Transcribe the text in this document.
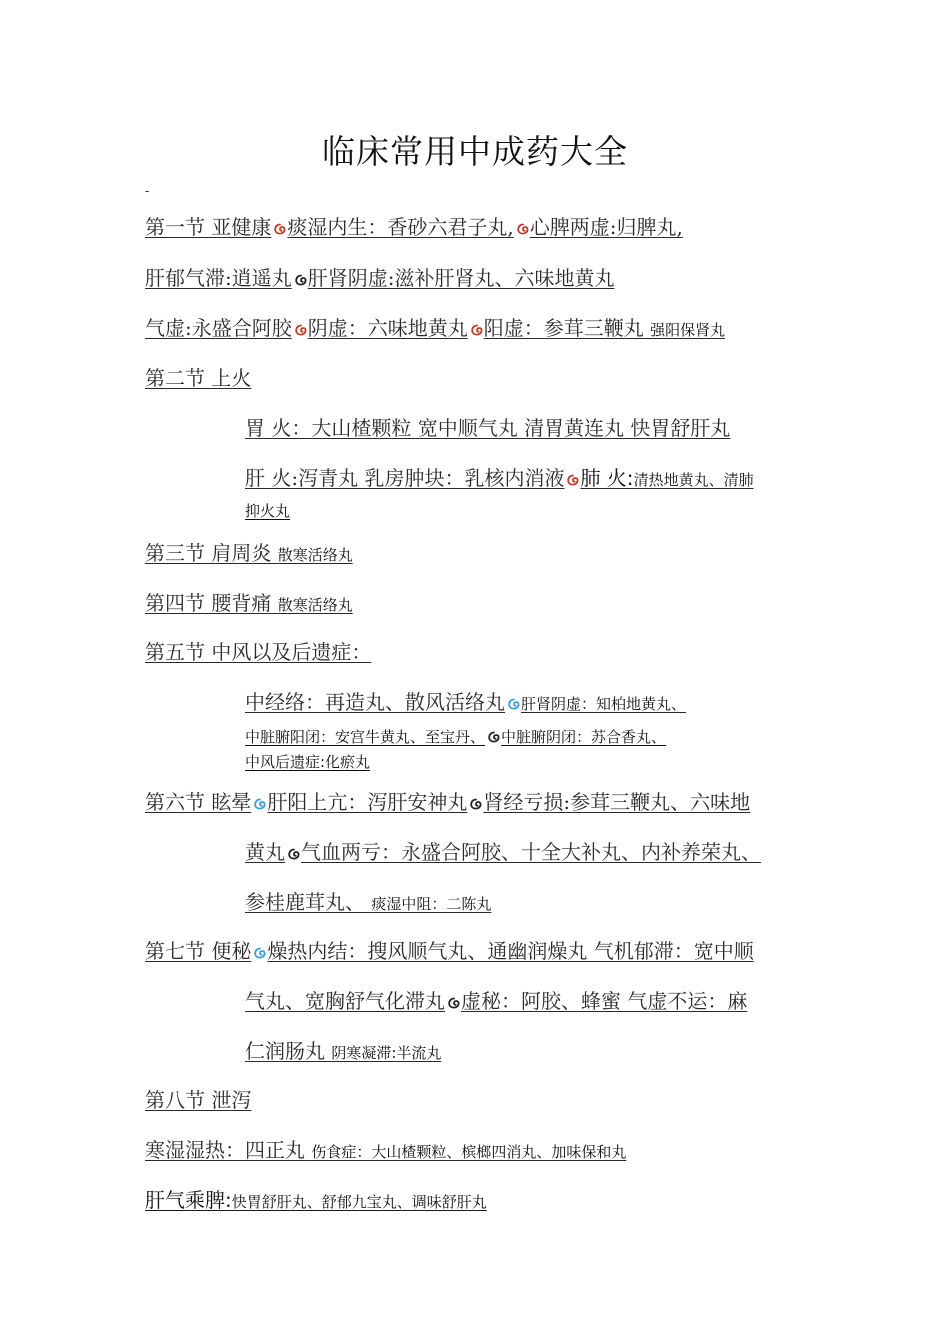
临床常用中成药大全
-
第一节 亚健康 痰湿内生：香砂六君子丸, 心脾两虚:归脾丸,
肝郁气滞:逍遥丸 肝肾阴虚:滋补肝肾丸、六味地黄丸
气虚:永盛合阿胶 阴虚：六味地黄丸 阳虚：参茸三鞭丸 强阳保肾丸
第二节 上火
胃 火：大山楂颗粒 宽中顺气丸 清胃黄连丸 快胃舒肝丸
肝 火:泻青丸 乳房肿块：乳核内消液 肺 火:清热地黄丸、清肺
抑火丸
第三节 肩周炎 散寒活络丸
第四节 腰背痛 散寒活络丸
第五节 中风以及后遗症：
中经络：再造丸、散风活络丸 肝肾阴虚：知柏地黄丸、
中脏腑阳闭：安宫牛黄丸、至宝丹、 中脏腑阴闭：苏合香丸、
中风后遗症:化瘀丸
第六节 眩晕 肝阳上亢：泻肝安神丸 肾经亏损:参茸三鞭丸、六味地
黄丸 气血两亏：永盛合阿胶、十全大补丸、内补养荣丸、
参桂鹿茸丸、 痰湿中阻：二陈丸
第七节 便秘 燥热内结：搜风顺气丸、通幽润燥丸 气机郁滞：宽中顺
气丸、宽胸舒气化滞丸 虚秘：阿胶、蜂蜜 气虚不运：麻
仁润肠丸 阴寒凝滞:半流丸
第八节 泄泻
寒湿湿热：四正丸 伤食症：大山楂颗粒、槟榔四消丸、加味保和丸
肝气乘脾:快胃舒肝丸、舒郁九宝丸、调味舒肝丸
